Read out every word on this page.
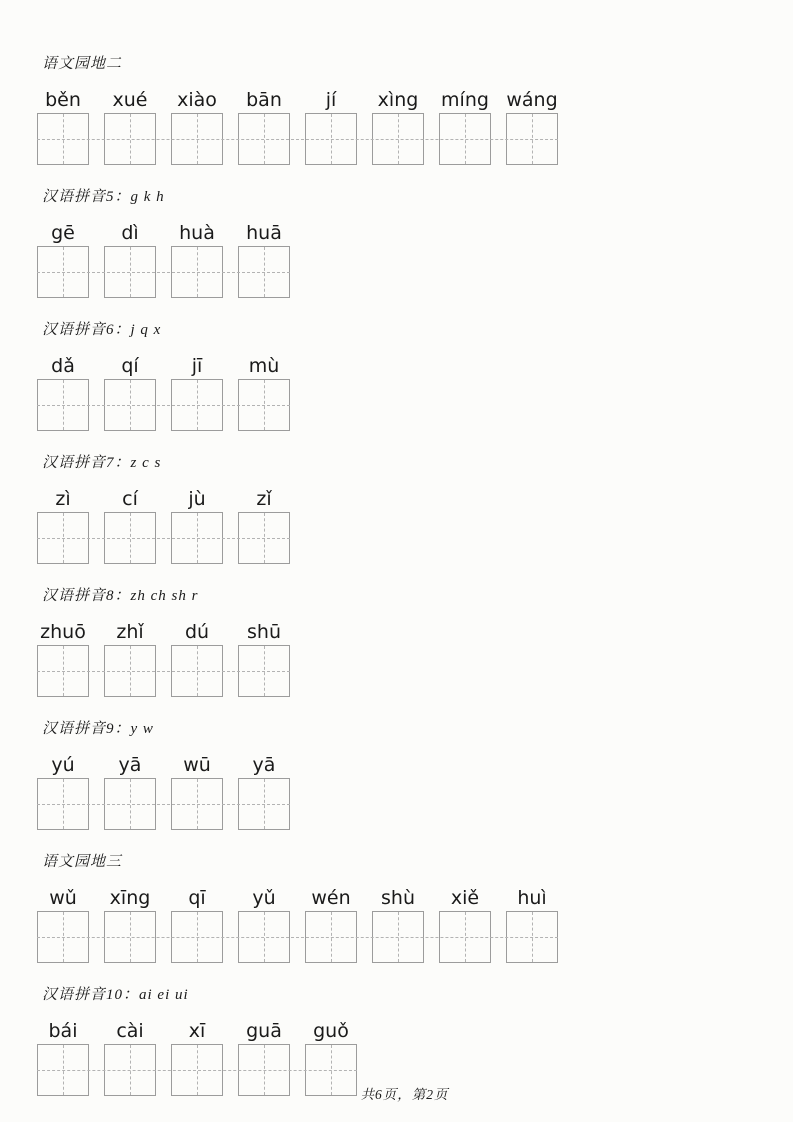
语文园地二
běn	xué	xiào	bān	jí	xìng míng wáng
汉语拼音5：g k h
gē	dì	huà	huā
汉语拼音6：j q x
dǎ	qí	jī	mù
汉语拼音7：z c s
zì	cí	jù	zǐ
汉语拼音8：zh ch sh r
zhuō	zhǐ	dú	shū
汉语拼音9：y w
yú	yā	wū	yā
语文园地三
wǔ	xīng	qī	yǔ	wén	shù	xiě	huì
汉语拼音10：ai ei ui
bái	cài	xī	guā	guǒ
共6页，第2页
